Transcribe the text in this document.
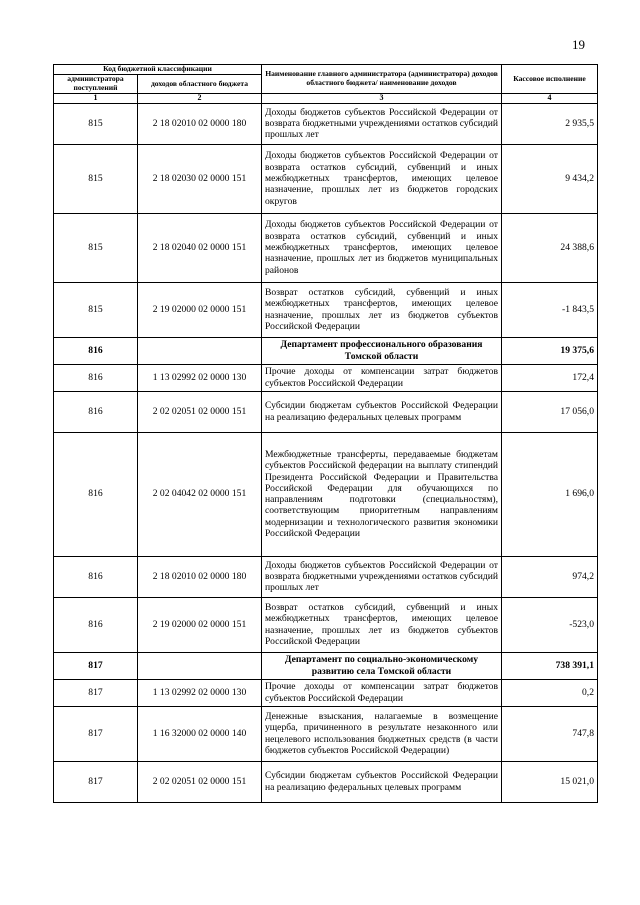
19
Код бюджетной классификации		Наименование главного администратора (администратора) доходов областного бюджета/ наименование доходов	Кассовое исполнение
администратора поступлений	доходов областного бюджета		
1	2	3	4
815	2 18 02010 02 0000 180	Доходы бюджетов субъектов Российской Федерации от возврата бюджетными учреждениями остатков субсидий прошлых лет	2 935,5
815	2 18 02030 02 0000 151	Доходы бюджетов субъектов Российской Федерации от возврата остатков субсидий, субвенций и иных межбюджетных трансфертов, имеющих целевое назначение, прошлых лет из бюджетов городских округов	9 434,2
815	2 18 02040 02 0000 151	Доходы бюджетов субъектов Российской Федерации от возврата остатков субсидий, субвенций и иных межбюджетных трансфертов, имеющих целевое назначение, прошлых лет из бюджетов муниципальных районов	24 388,6
815	2 19 02000 02 0000 151	Возврат остатков субсидий, субвенций и иных межбюджетных трансфертов, имеющих целевое назначение, прошлых лет из бюджетов субъектов Российской Федерации	-1 843,5
816		Департамент профессионального образования Томской области	19 375,6
816	1 13 02992 02 0000 130	Прочие доходы от компенсации затрат бюджетов субъектов Российской Федерации	172,4
816	2 02 02051 02 0000 151	Субсидии бюджетам субъектов Российской Федерации на реализацию федеральных целевых программ	17 056,0
816	2 02 04042 02 0000 151	Межбюджетные трансферты, передаваемые бюджетам субъектов Российской федерации на выплату стипендий Президента Российской Федерации и Правительства Российской Федерации для обучающихся по направлениям подготовки (специальностям), соответствующим приоритетным направлениям модернизации и технологического развития экономики Российской Федерации	1 696,0
816	2 18 02010 02 0000 180	Доходы бюджетов субъектов Российской Федерации от возврата бюджетными учреждениями остатков субсидий прошлых лет	974,2
816	2 19 02000 02 0000 151	Возврат остатков субсидий, субвенций и иных межбюджетных трансфертов, имеющих целевое назначение, прошлых лет из бюджетов субъектов Российской Федерации	-523,0
817		Департамент по социально-экономическому развитию села Томской области	738 391,1
817	1 13 02992 02 0000 130	Прочие доходы от компенсации затрат бюджетов субъектов Российской Федерации	0,2
817	1 16 32000 02 0000 140	Денежные взыскания, налагаемые в возмещение ущерба, причиненного в результате незаконного или нецелевого использования бюджетных средств (в части бюджетов субъектов Российской Федерации)	747,8
817	2 02 02051 02 0000 151	Субсидии бюджетам субъектов Российской Федерации на реализацию федеральных целевых программ	15 021,0
